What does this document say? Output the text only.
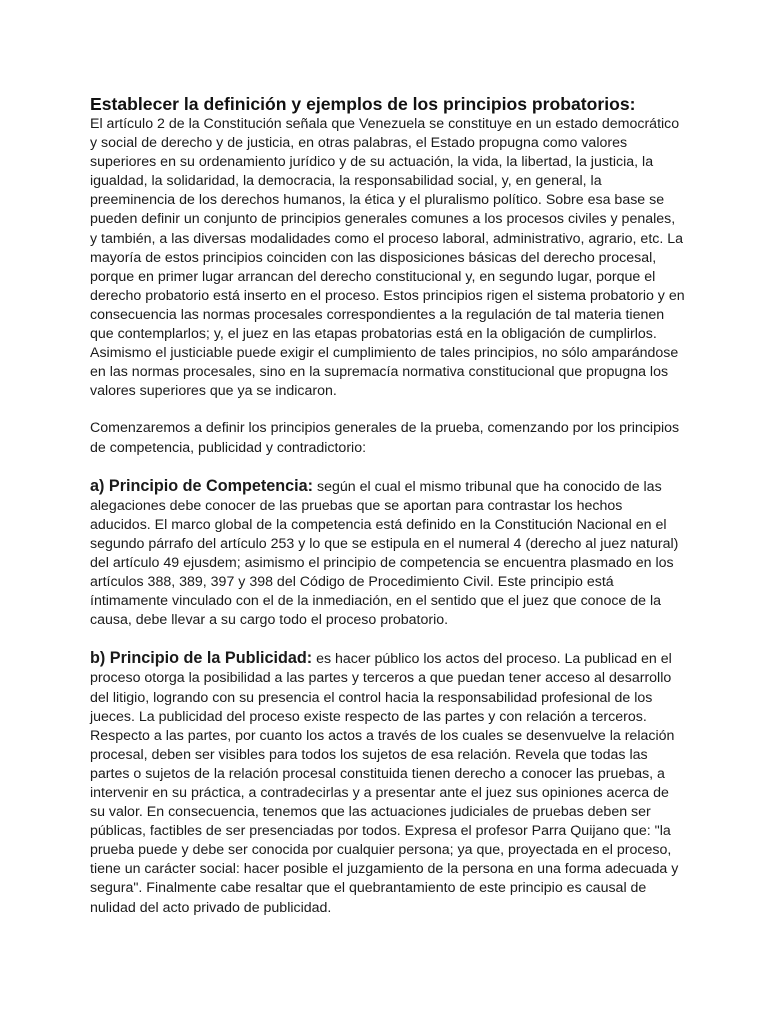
Establecer la definición y ejemplos de los principios probatorios:

El artículo 2 de la Constitución señala que Venezuela se constituye en un estado democrático y social de derecho y de justicia, en otras palabras, el Estado propugna como valores superiores en su ordenamiento jurídico y de su actuación, la vida, la libertad, la justicia, la igualdad, la solidaridad, la democracia, la responsabilidad social, y, en general, la preeminencia de los derechos humanos, la ética y el pluralismo político. Sobre esa base se pueden definir un conjunto de principios generales comunes a los procesos civiles y penales, y también, a las diversas modalidades como el proceso laboral, administrativo, agrario, etc. La mayoría de estos principios coinciden con las disposiciones básicas del derecho procesal, porque en primer lugar arrancan del derecho constitucional y, en segundo lugar, porque el derecho probatorio está inserto en el proceso. Estos principios rigen el sistema probatorio y en consecuencia las normas procesales correspondientes a la regulación de tal materia tienen que contemplarlos; y, el juez en las etapas probatorias está en la obligación de cumplirlos. Asimismo el justiciable puede exigir el cumplimiento de tales principios, no sólo amparándose en las normas procesales, sino en la supremacía normativa constitucional que propugna los valores superiores que ya se indicaron.

Comenzaremos a definir los principios generales de la prueba, comenzando por los principios de competencia, publicidad y contradictorio:

a) Principio de Competencia: según el cual el mismo tribunal que ha conocido de las alegaciones debe conocer de las pruebas que se aportan para contrastar los hechos aducidos. El marco global de la competencia está definido en la Constitución Nacional en el segundo párrafo del artículo 253 y lo que se estipula en el numeral 4 (derecho al juez natural) del artículo 49 ejusdem; asimismo el principio de competencia se encuentra plasmado en los artículos 388, 389, 397 y 398 del Código de Procedimiento Civil. Este principio está íntimamente vinculado con el de la inmediación, en el sentido que el juez que conoce de la causa, debe llevar a su cargo todo el proceso probatorio.

b) Principio de la Publicidad: es hacer público los actos del proceso. La publicad en el proceso otorga la posibilidad a las partes y terceros a que puedan tener acceso al desarrollo del litigio, logrando con su presencia el control hacia la responsabilidad profesional de los jueces. La publicidad del proceso existe respecto de las partes y con relación a terceros. Respecto a las partes, por cuanto los actos a través de los cuales se desenvuelve la relación procesal, deben ser visibles para todos los sujetos de esa relación. Revela que todas las partes o sujetos de la relación procesal constituida tienen derecho a conocer las pruebas, a intervenir en su práctica, a contradecirlas y a presentar ante el juez sus opiniones acerca de su valor. En consecuencia, tenemos que las actuaciones judiciales de pruebas deben ser públicas, factibles de ser presenciadas por todos. Expresa el profesor Parra Quijano que: "la prueba puede y debe ser conocida por cualquier persona; ya que, proyectada en el proceso, tiene un carácter social: hacer posible el juzgamiento de la persona en una forma adecuada y segura". Finalmente cabe resaltar que el quebrantamiento de este principio es causal de nulidad del acto privado de publicidad.
